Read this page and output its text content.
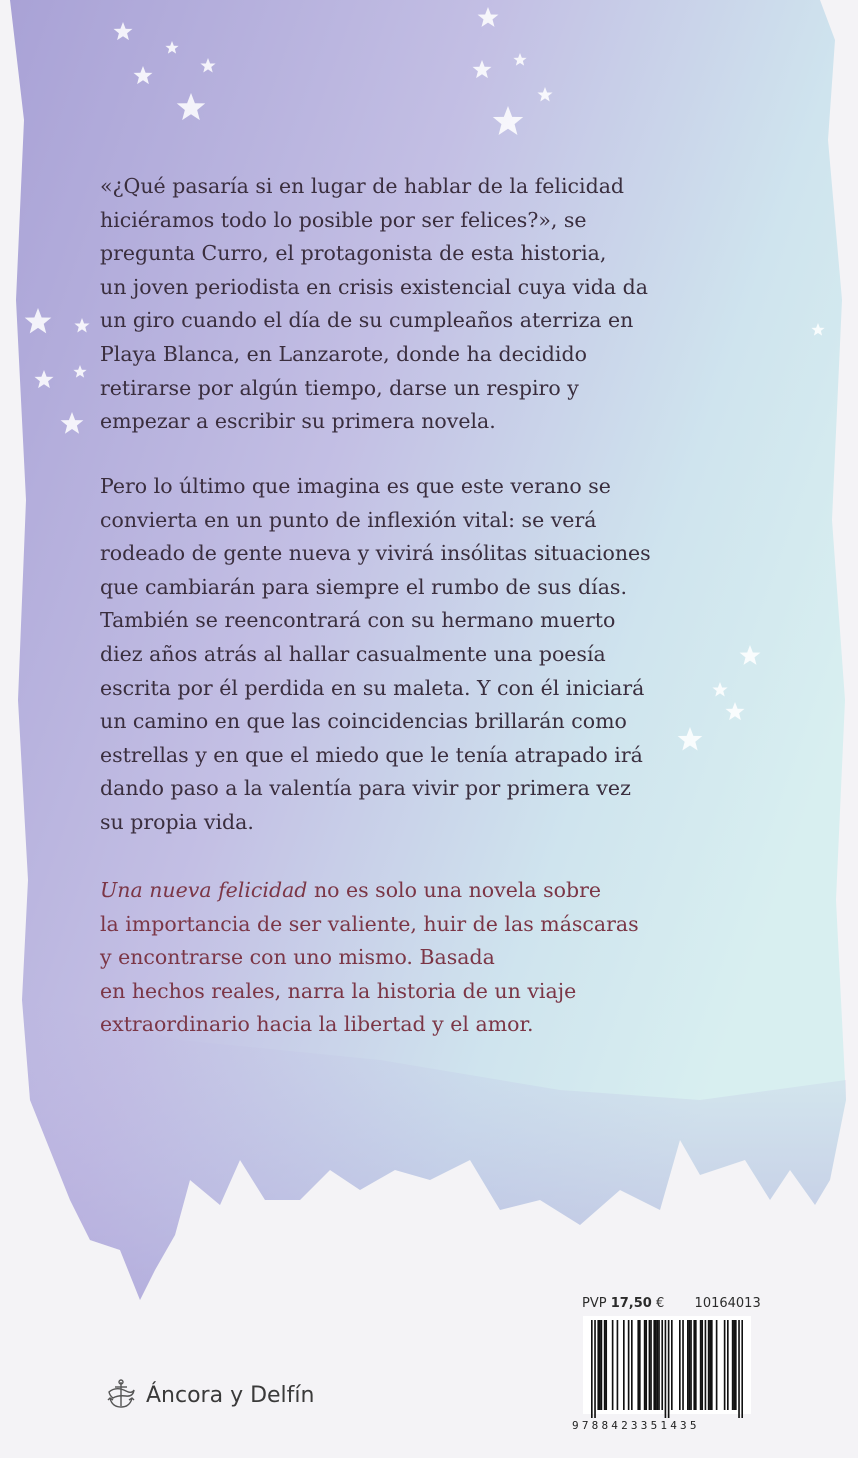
«¿Qué pasaría si en lugar de hablar de la felicidad

hiciéramos todo lo posible por ser felices?», se

pregunta Curro, el protagonista de esta historia,

un joven periodista en crisis existencial cuya vida da

un giro cuando el día de su cumpleaños aterriza en

Playa Blanca, en Lanzarote, donde ha decidido

retirarse por algún tiempo, darse un respiro y

empezar a escribir su primera novela.

Pero lo último que imagina es que este verano se

convierta en un punto de inflexión vital: se verá

rodeado de gente nueva y vivirá insólitas situaciones

que cambiarán para siempre el rumbo de sus días.

También se reencontrará con su hermano muerto

diez años atrás al hallar casualmente una poesía

escrita por él perdida en su maleta. Y con él iniciará

un camino en que las coincidencias brillarán como

estrellas y en que el miedo que le tenía atrapado irá

dando paso a la valentía para vivir por primera vez

su propia vida.

Una nueva felicidad no es solo una novela sobre

la importancia de ser valiente, huir de las máscaras

y encontrarse con uno mismo. Basada

en hechos reales, narra la historia de un viaje

extraordinario hacia la libertad y el amor.

PVP 17,50 € 10164013
9788423351435
Áncora y Delfín
